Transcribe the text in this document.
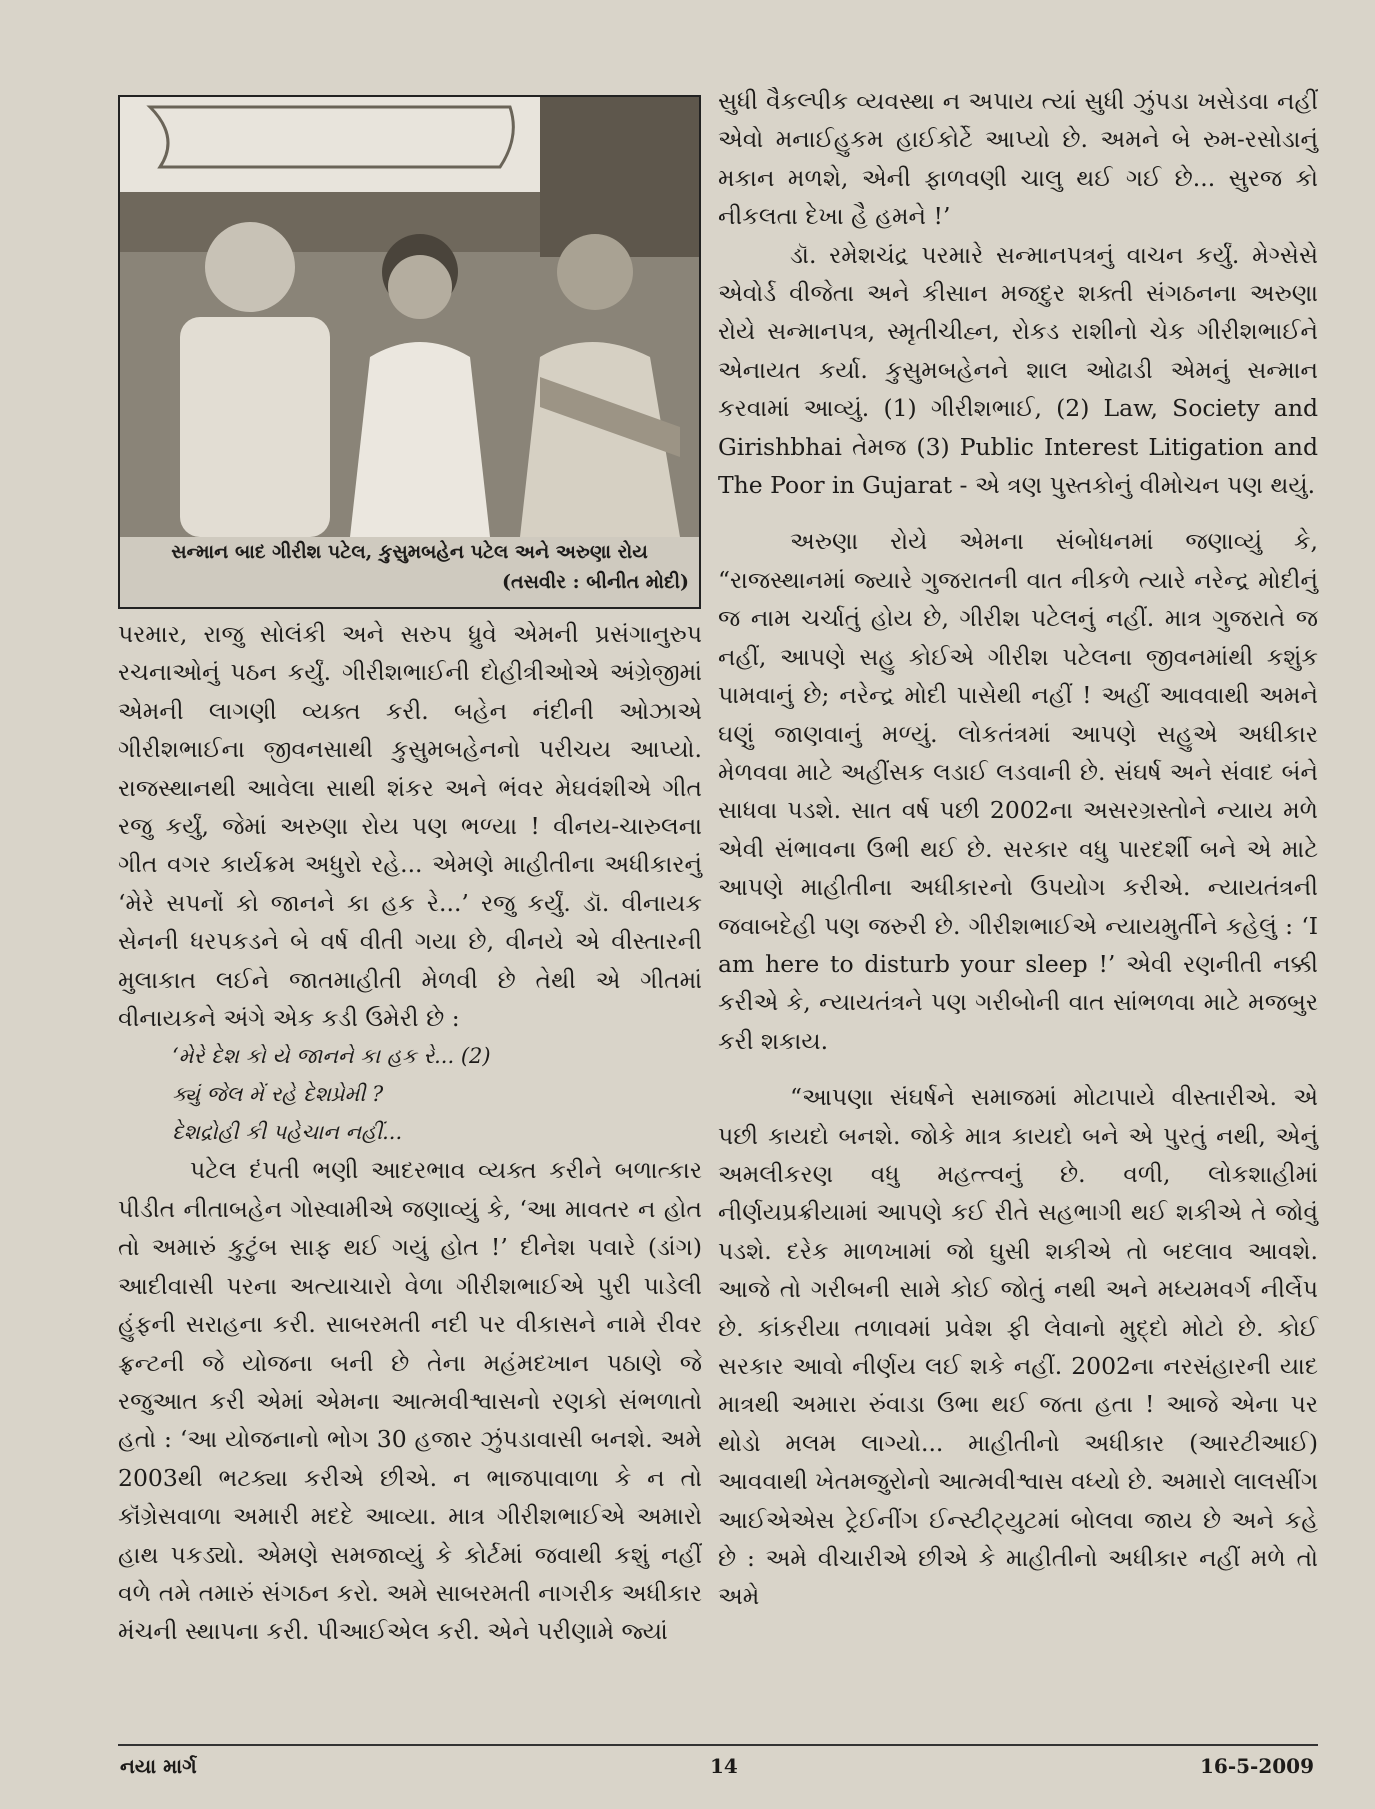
સન્માન બાદ ગીરીશ પટેલ, કુસુમબહેન પટેલ અને અરુણા રોય
(તસવીર : બીનીત મોદી)

પરમાર, રાજુ સોલંકી અને સરુપ ધ્રુવે એમની પ્રસંગાનુરુપ રચનાઓનું પઠન કર્યું. ગીરીશભાઈની દોહીત્રીઓએ અંગ્રેજીમાં એમની લાગણી વ્યક્ત કરી. બહેન નંદીની ઓઝાએ ગીરીશભાઈના જીવનસાથી કુસુમબહેનનો પરીચય આપ્યો. રાજસ્થાનથી આવેલા સાથી શંકર અને ભંવર મેઘવંશીએ ગીત રજુ કર્યું, જેમાં અરુણા રોય પણ ભળ્યા ! વીનય-ચારુલના ગીત વગર કાર્યક્રમ અધુરો રહે... એમણે માહીતીના અધીકારનું ‘મેરે સપનોં કો જાનને કા હક રે...’ રજુ કર્યું. ડૉ. વીનાયક સેનની ધરપકડને બે વર્ષ વીતી ગયા છે, વીનયે એ વીસ્તારની મુલાકાત લઈને જાતમાહીતી મેળવી છે તેથી એ ગીતમાં વીનાયકને અંગે એક કડી ઉમેરી છે :

‘મેરે દેશ કો યે જાનને કા હક રે... (2)
ક્યું જેલ મેં રહે દેશપ્રેમી ?
દેશદ્રોહી કી પહેચાન નહીં...

પટેલ દંપતી ભણી આદરભાવ વ્યક્ત કરીને બળાત્કાર પીડીત નીતાબહેન ગોસ્વામીએ જણાવ્યું કે, ‘આ માવતર ન હોત તો અમારું કુટુંબ સાફ થઈ ગયું હોત !’ દીનેશ પવારે (ડાંગ) આદીવાસી પરના અત્યાચારો વેળા ગીરીશભાઈએ પુરી પાડેલી હુંફની સરાહના કરી. સાબરમતી નદી પર વીકાસને નામે રીવર ફ્રન્ટની જે યોજના બની છે તેના મહંમદખાન પઠાણે જે રજુઆત કરી એમાં એમના આત્મવીશ્વાસનો રણકો સંભળાતો હતો : ‘આ યોજનાનો ભોગ 30 હજાર ઝુંપડાવાસી બનશે. અમે 2003થી ભટક્યા કરીએ છીએ. ન ભાજપાવાળા કે ન તો કૉંગ્રેસવાળા અમારી મદદે આવ્યા. માત્ર ગીરીશભાઈએ અમારો હાથ પકડ્યો. એમણે સમજાવ્યું કે કોર્ટમાં જવાથી કશું નહીં વળે તમે તમારું સંગઠન કરો. અમે સાબરમતી નાગરીક અધીકાર મંચની સ્થાપના કરી. પીઆઈએલ કરી. એને પરીણામે જ્યાં

સુધી વૈકલ્પીક વ્યવસ્થા ન અપાય ત્યાં સુધી ઝુંપડા ખસેડવા નહીં એવો મનાઈહુકમ હાઈકોર્ટે આપ્યો છે. અમને બે રુમ-રસોડાનું મકાન મળશે, એની ફાળવણી ચાલુ થઈ ગઈ છે... સુરજ કો નીકલતા દેખા હૈ હમને !’

ડૉ. રમેશચંદ્ર પરમારે સન્માનપત્રનું વાચન કર્યું. મેગ્સેસે એવોર્ડ વીજેતા અને કીસાન મજદુર શક્તી સંગઠનના અરુણા રોયે સન્માનપત્ર, સ્મૃતીચીહ્ન, રોકડ રાશીનો ચેક ગીરીશભાઈને એનાયત કર્યા. કુસુમબહેનને શાલ ઓઢાડી એમનું સન્માન કરવામાં આવ્યું. (1) ગીરીશભાઈ, (2) Law, Society and Girishbhai તેમજ (3) Public Interest Litigation and The Poor in Gujarat - એ ત્રણ પુસ્તકોનું વીમોચન પણ થયું.

અરુણા રોયે એમના સંબોધનમાં જણાવ્યું કે, “રાજસ્થાનમાં જ્યારે ગુજરાતની વાત નીકળે ત્યારે નરેન્દ્ર મોદીનું જ નામ ચર્ચાતું હોય છે, ગીરીશ પટેલનું નહીં. માત્ર ગુજરાતે જ નહીં, આપણે સહુ કોઈએ ગીરીશ પટેલના જીવનમાંથી કશુંક પામવાનું છે; નરેન્દ્ર મોદી પાસેથી નહીં ! અહીં આવવાથી અમને ઘણું જાણવાનું મળ્યું. લોકતંત્રમાં આપણે સહુએ અધીકાર મેળવવા માટે અહીંસક લડાઈ લડવાની છે. સંઘર્ષ અને સંવાદ બંને સાધવા પડશે. સાત વર્ષ પછી 2002ના અસરગ્રસ્તોને ન્યાય મળે એવી સંભાવના ઉભી થઈ છે. સરકાર વધુ પારદર્શી બને એ માટે આપણે માહીતીના અધીકારનો ઉપયોગ કરીએ. ન્યાયતંત્રની જવાબદેહી પણ જરુરી છે. ગીરીશભાઈએ ન્યાયમુર્તીને કહેલું : ‘I am here to disturb your sleep !’ એવી રણનીતી નક્કી કરીએ કે, ન્યાયતંત્રને પણ ગરીબોની વાત સાંભળવા માટે મજબુર કરી શકાય.

“આપણા સંઘર્ષને સમાજમાં મોટાપાયે વીસ્તારીએ. એ પછી કાયદો બનશે. જોકે માત્ર કાયદો બને એ પુરતું નથી, એનું અમલીકરણ વધુ મહત્ત્વનું છે. વળી, લોકશાહીમાં નીર્ણયપ્રક્રીયામાં આપણે કઈ રીતે સહભાગી થઈ શકીએ તે જોવું પડશે. દરેક માળખામાં જો ઘુસી શકીએ તો બદલાવ આવશે. આજે તો ગરીબની સામે કોઈ જોતું નથી અને મધ્યમવર્ગ નીર્લેપ છે. કાંકરીયા તળાવમાં પ્રવેશ ફી લેવાનો મુદ્દો મોટો છે. કોઈ સરકાર આવો નીર્ણય લઈ શકે નહીં. 2002ના નરસંહારની યાદ માત્રથી અમારા રુંવાડા ઉભા થઈ જતા હતા ! આજે એના પર થોડો મલમ લાગ્યો... માહીતીનો અધીકાર (આરટીઆઈ) આવવાથી ખેતમજુરોનો આત્મવીશ્વાસ વધ્યો છે. અમારો લાલસીંગ આઈએએસ ટ્રેઈનીંગ ઈન્સ્ટીટ્યુટમાં બોલવા જાય છે અને કહે છે : અમે વીચારીએ છીએ કે માહીતીનો અધીકાર નહીં મળે તો અમે

નયા માર્ગ	14	16-5-2009
